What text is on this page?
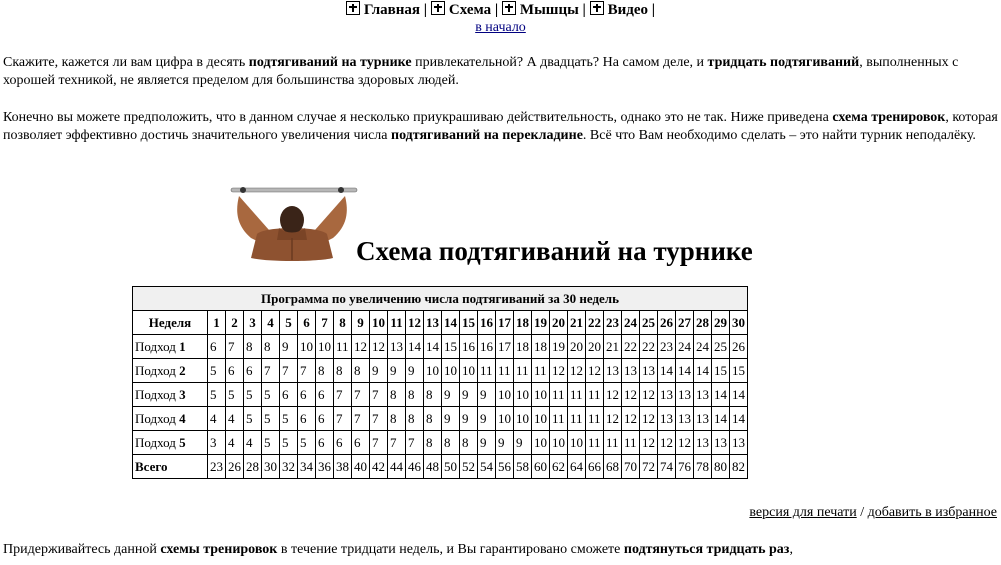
Главная | Схема | Мышцы | Видео |
в начало

Скажите, кажется ли вам цифра в десять подтягиваний на турнике привлекательной? А двадцать? На самом деле, и тридцать подтягиваний, выполненных с хорошей техникой, не является пределом для большинства здоровых людей.

Конечно вы можете предположить, что в данном случае я несколько приукрашиваю действительность, однако это не так. Ниже приведена схема тренировок, которая позволяет эффективно достичь значительного увеличения числа подтягиваний на перекладине. Всё что Вам необходимо сделать – это найти турник неподалёку.

Схема подтягиваний на турнике
Программа по увеличению числа подтягиваний за 30 недель																														
Неделя	1	2	3	4	5	6	7	8	9	10	11	12	13	14	15	16	17	18	19	20	21	22	23	24	25	26	27	28	29	30
Подход 1	6	7	8	8	9	10	10	11	12	12	13	14	14	15	16	16	17	18	18	19	20	20	21	22	22	23	24	24	25	26
Подход 2	5	6	6	7	7	7	8	8	8	9	9	9	10	10	10	11	11	11	11	12	12	12	13	13	13	14	14	14	15	15
Подход 3	5	5	5	5	6	6	6	7	7	7	8	8	8	9	9	9	10	10	10	11	11	11	12	12	12	13	13	13	14	14
Подход 4	4	4	5	5	5	6	6	7	7	7	8	8	8	9	9	9	10	10	10	11	11	11	12	12	12	13	13	13	14	14
Подход 5	3	4	4	5	5	5	6	6	6	7	7	7	8	8	8	9	9	9	10	10	10	11	11	11	12	12	12	13	13	13
Всего	23	26	28	30	32	34	36	38	40	42	44	46	48	50	52	54	56	58	60	62	64	66	68	70	72	74	76	78	80	82
версия для печати / добавить в избранное

Придерживайтесь данной схемы тренировок в течение тридцати недель, и Вы гарантировано сможете подтянуться тридцать раз,
